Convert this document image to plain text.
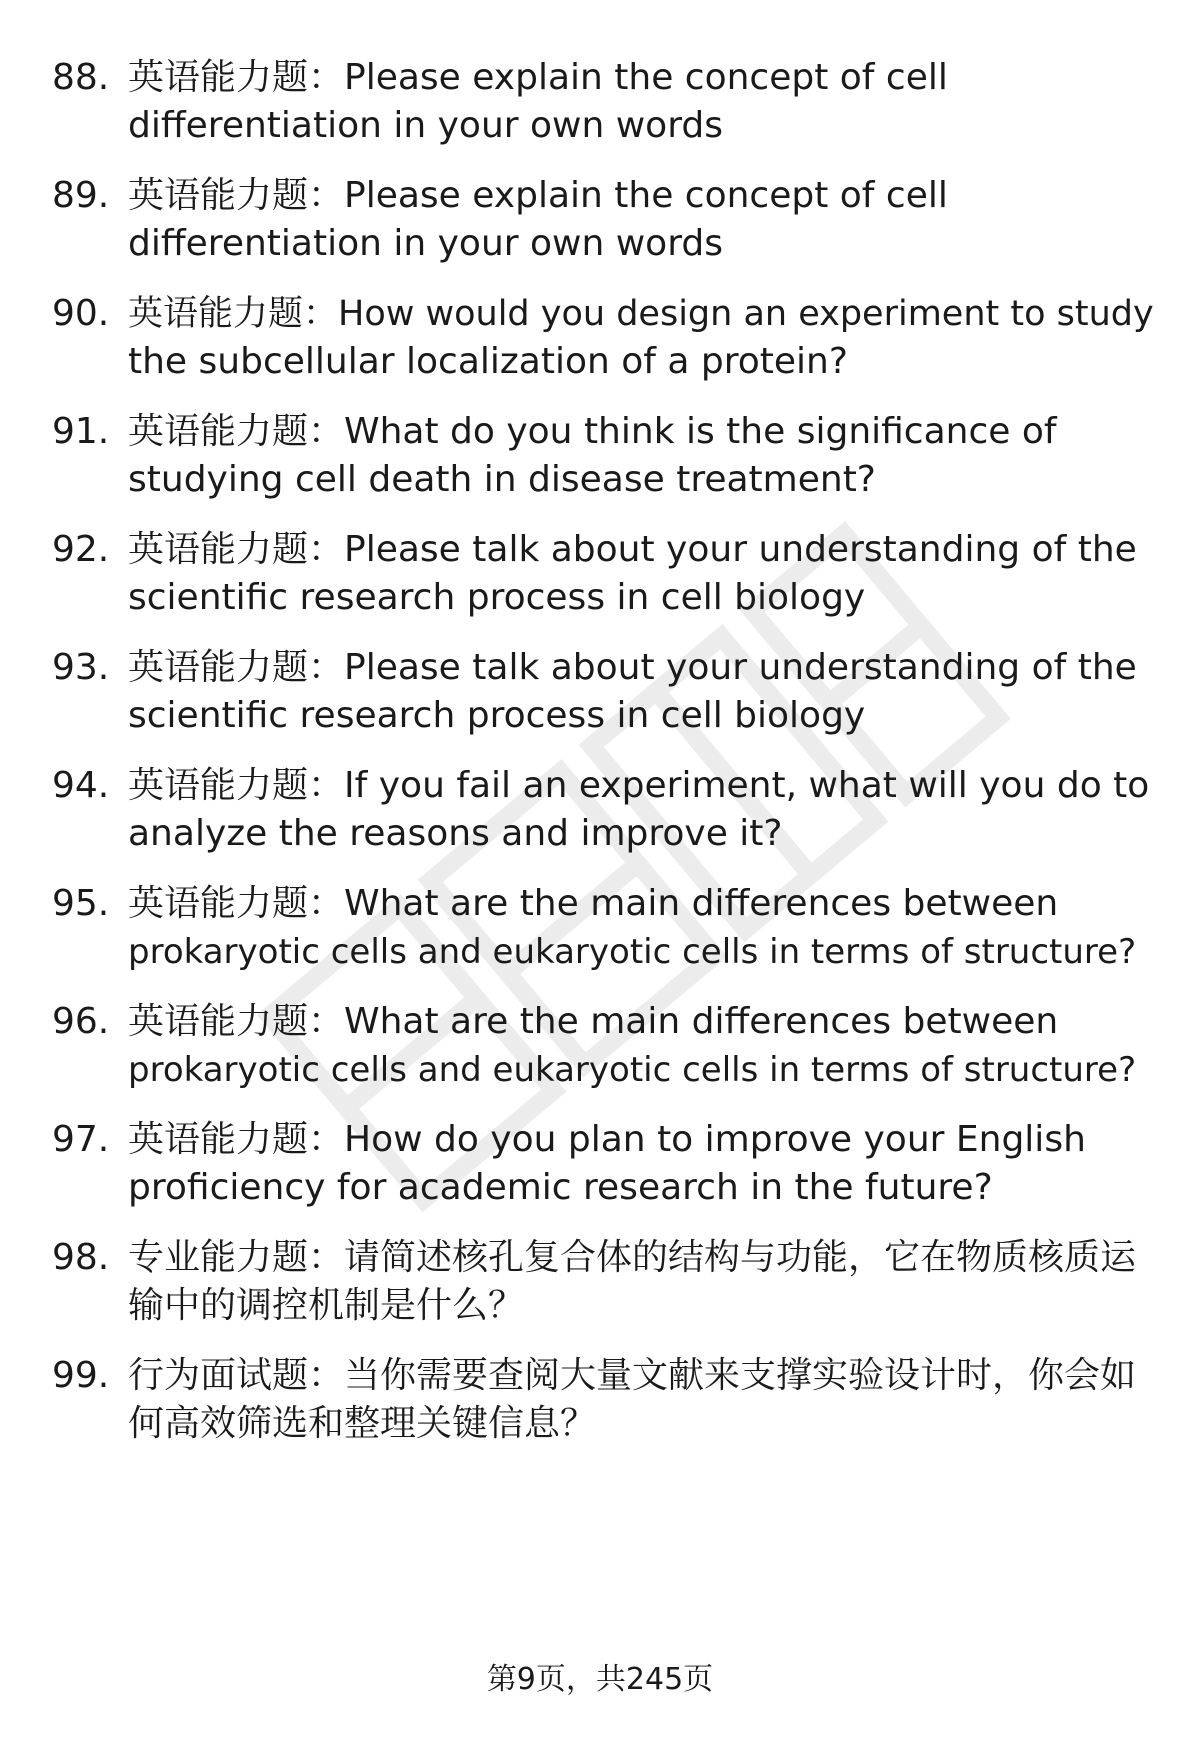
88. 英语能力题：Please explain the concept of cell
differentiation in your own words
89. 英语能力题：Please explain the concept of cell
differentiation in your own words
90. 英语能力题：How would you design an experiment to study
the subcellular localization of a protein?
91. 英语能力题：What do you think is the significance of
studying cell death in disease treatment?
92. 英语能力题：Please talk about your understanding of the
scientific research process in cell biology
93. 英语能力题：Please talk about your understanding of the
scientific research process in cell biology
94. 英语能力题：If you fail an experiment, what will you do to
analyze the reasons and improve it?
95. 英语能力题：What are the main differences between
prokaryotic cells and eukaryotic cells in terms of structure?
96. 英语能力题：What are the main differences between
prokaryotic cells and eukaryotic cells in terms of structure?
97. 英语能力题：How do you plan to improve your English
proficiency for academic research in the future?
98. 专业能力题：请简述核孔复合体的结构与功能，它在物质核质运
输中的调控机制是什么？
99. 行为面试题：当你需要查阅大量文献来支撑实验设计时，你会如
何高效筛选和整理关键信息？
第9页，共245页
